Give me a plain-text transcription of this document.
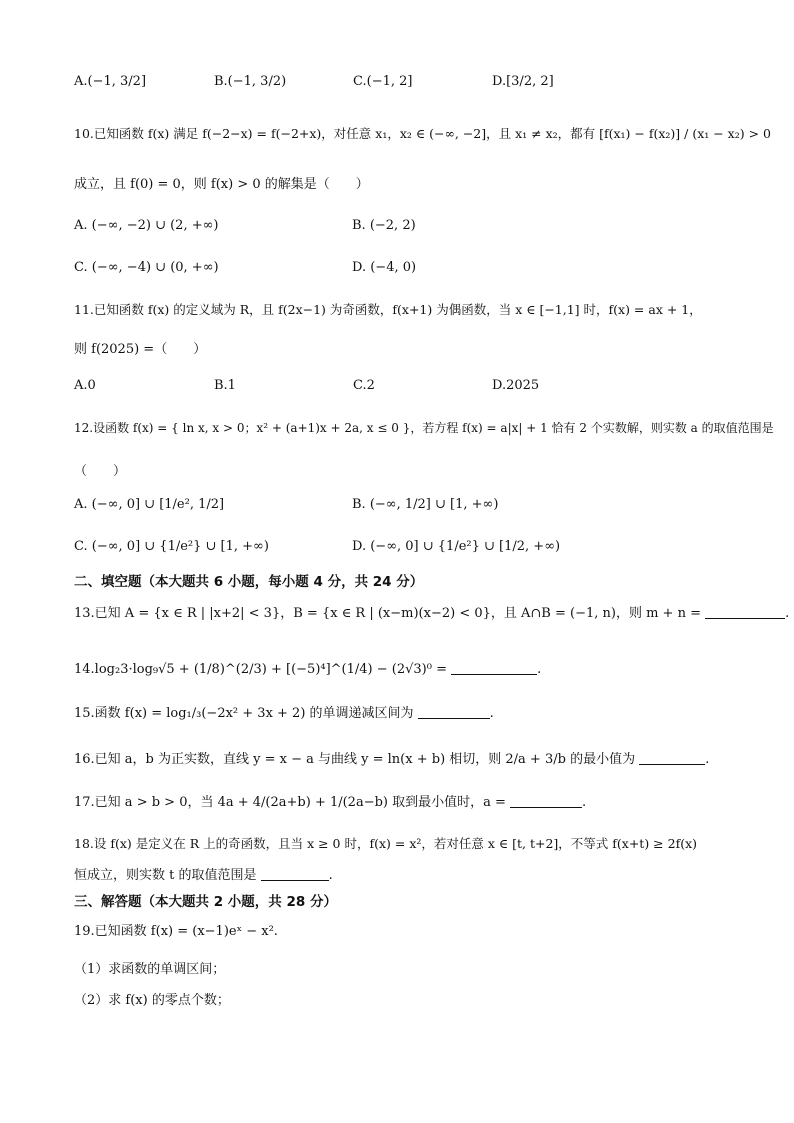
A.(−1, 3/2]	B.(−1, 3/2)	C.(−1, 2]	D.[3/2, 2]
10.已知函数 f(x) 满足 f(−2−x) = f(−2+x)，对任意 x₁，x₂ ∈ (−∞, −2]，且 x₁ ≠ x₂，都有 [f(x₁) − f(x₂)] / (x₁ − x₂) > 0
成立，且 f(0) = 0，则 f(x) > 0 的解集是（　　）
A. (−∞, −2) ∪ (2, +∞)	B. (−2, 2)
C. (−∞, −4) ∪ (0, +∞)	D. (−4, 0)
11.已知函数 f(x) 的定义域为 R，且 f(2x−1) 为奇函数，f(x+1) 为偶函数，当 x ∈ [−1,1] 时，f(x) = ax + 1，
则 f(2025) =（　　）
A.0	B.1	C.2	D.2025
12.设函数 f(x) = { ln x, x > 0；x² + (a+1)x + 2a, x ≤ 0 }，若方程 f(x) = a|x| + 1 恰有 2 个实数解，则实数 a 的取值范围是
（　　）
A. (−∞, 0] ∪ [1/e², 1/2]	B. (−∞, 1/2] ∪ [1, +∞)
C. (−∞, 0] ∪ {1/e²} ∪ [1, +∞)	D. (−∞, 0] ∪ {1/e²} ∪ [1/2, +∞)
二、填空题（本大题共 6 小题，每小题 4 分，共 24 分）
13.已知 A = {x ∈ R | |x+2| < 3}，B = {x ∈ R | (x−m)(x−2) < 0}，且 A∩B = (−1, n)，则 m + n =	.
14.log₂3·log₉√5 + (1/8)^(2/3) + [(−5)⁴]^(1/4) − (2√3)⁰ =	.
15.函数 f(x) = log₁/₃(−2x² + 3x + 2) 的单调递减区间为	.
16.已知 a，b 为正实数，直线 y = x − a 与曲线 y = ln(x + b) 相切，则 2/a + 3/b 的最小值为	.
17.已知 a > b > 0，当 4a + 4/(2a+b) + 1/(2a−b) 取到最小值时，a =	.
18.设 f(x) 是定义在 R 上的奇函数，且当 x ≥ 0 时，f(x) = x²，若对任意 x ∈ [t, t+2]，不等式 f(x+t) ≥ 2f(x)
恒成立，则实数 t 的取值范围是	.
三、解答题（本大题共 2 小题，共 28 分）
19.已知函数 f(x) = (x−1)eˣ − x².
（1）求函数的单调区间；
（2）求 f(x) 的零点个数；
